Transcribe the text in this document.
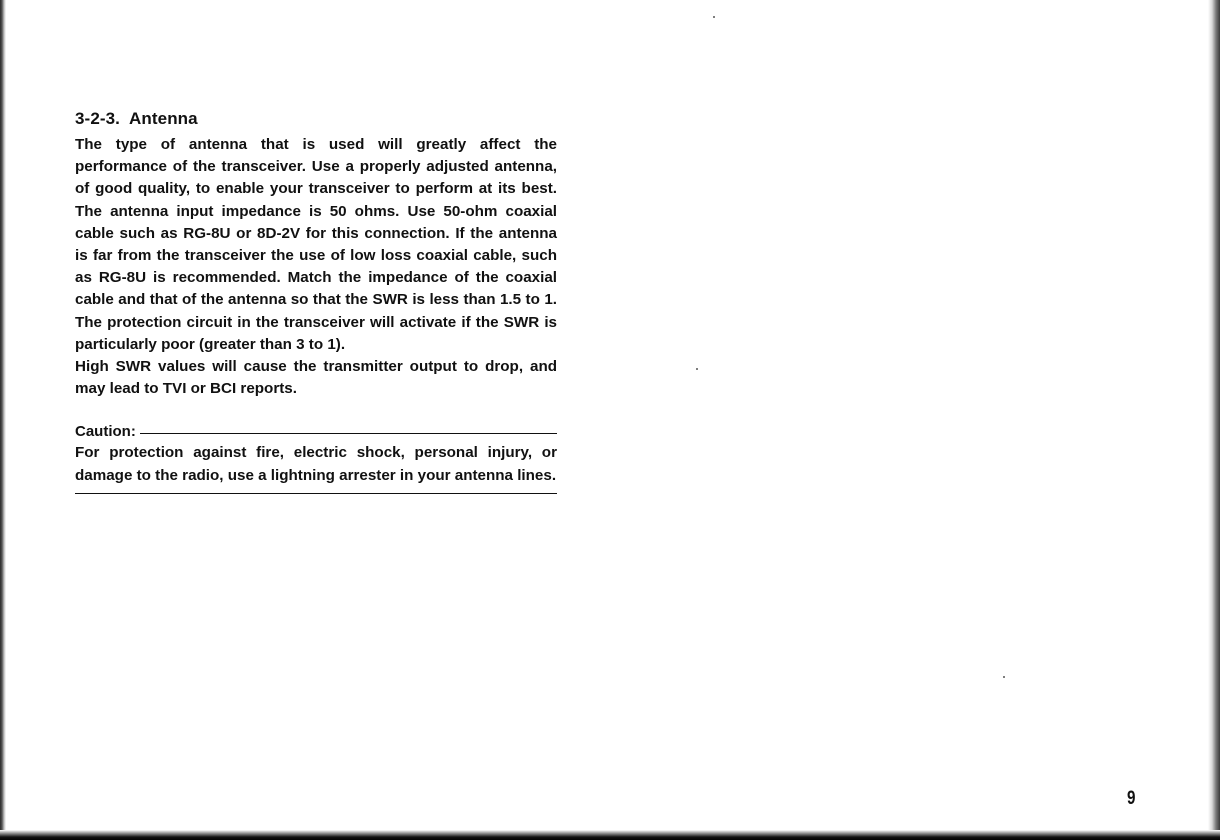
3-2-3. Antenna

The type of antenna that is used will greatly affect the performance of the transceiver. Use a properly adjusted antenna, of good quality, to enable your transceiver to perform at its best. The antenna input impedance is 50 ohms. Use 50-ohm coaxial cable such as RG-8U or 8D-2V for this connection. If the antenna is far from the transceiver the use of low loss coaxial cable, such as RG-8U is recommended. Match the impedance of the coaxial cable and that of the antenna so that the SWR is less than 1.5 to 1. The protection circuit in the transceiver will activate if the SWR is particularly poor (greater than 3 to 1).

High SWR values will cause the transmitter output to drop, and may lead to TVI or BCI reports.

Caution:

For protection against fire, electric shock, personal injury, or damage to the radio, use a lightning arrester in your antenna lines.

9
